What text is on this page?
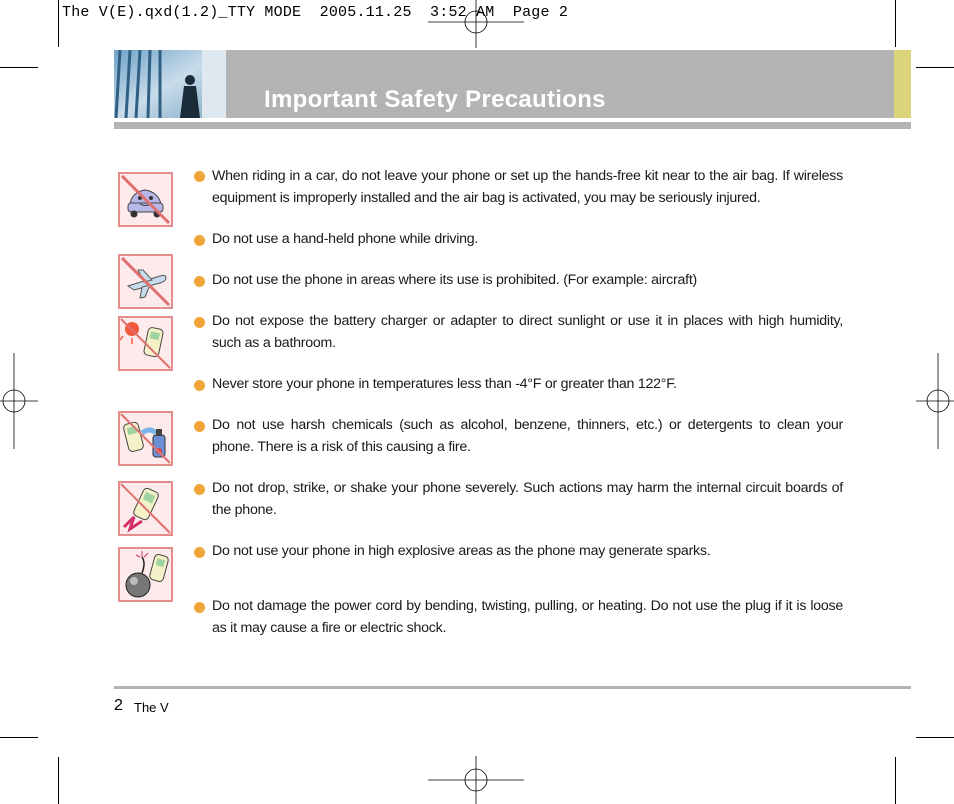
The V(E).qxd(1.2)_TTY MODE  2005.11.25  3:52 AM  Page 2
Important Safety Precautions
When riding in a car, do not leave your phone or set up the hands-free kit near to the air bag. If wireless equipment is improperly installed and the air bag is activated, you may be seriously injured.
Do not use a hand-held phone while driving.
Do not use the phone in areas where its use is prohibited. (For example: aircraft)
Do not expose the battery charger or adapter to direct sunlight or use it in places with high humidity, such as a bathroom.
Never store your phone in temperatures less than -4°F or greater than 122°F.
Do not use harsh chemicals (such as alcohol, benzene, thinners, etc.) or detergents to clean your phone. There is a risk of this causing a fire.
Do not drop, strike, or shake your phone severely. Such actions may harm the internal circuit boards of the phone.
Do not use your phone in high explosive areas as the phone may generate sparks.
Do not damage the power cord by bending, twisting, pulling, or heating. Do not use the plug if it is loose as it may cause a fire or electric shock.
2 The V
